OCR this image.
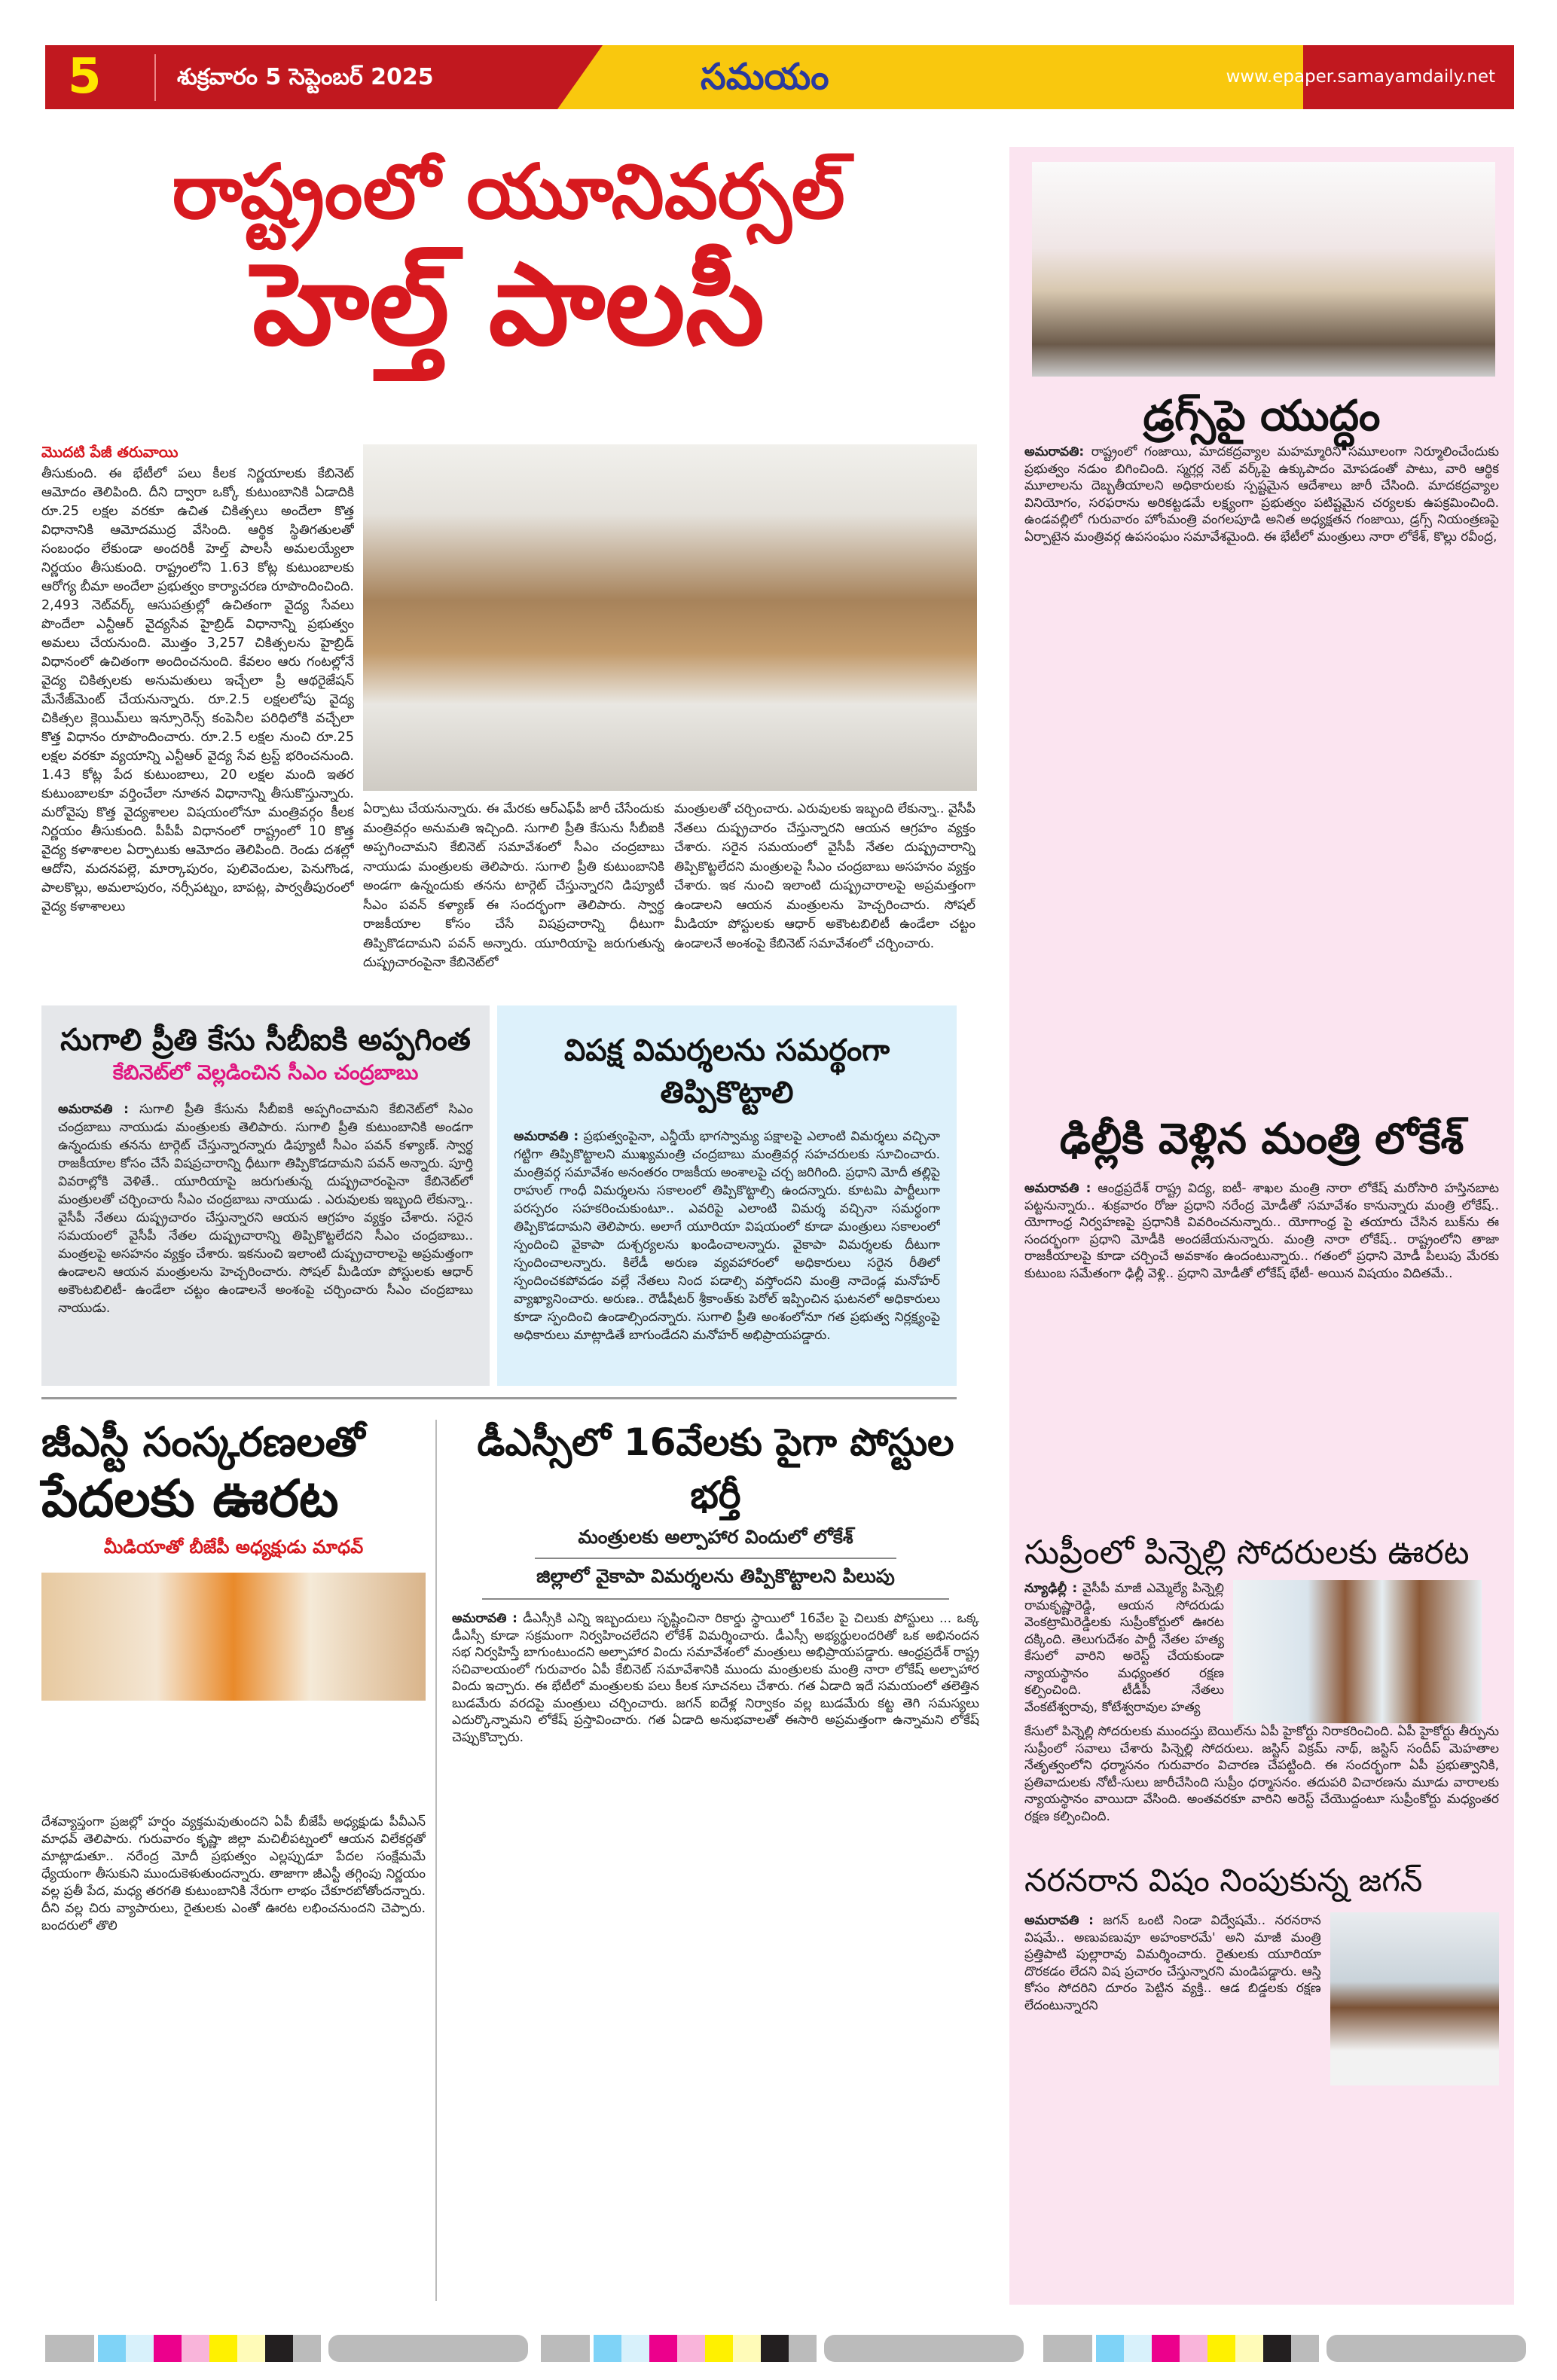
5	శుక్రవారం 5 సెప్టెంబర్ 2025	సమయం	www.epaper.samayamdaily.net
రాష్ట్రంలో యూనివర్సల్
హెల్త్ పాలసీ
మొదటి పేజీ తరువాయి
తీసుకుంది. ఈ భేటీలో పలు కీలక నిర్ణయాలకు కేబినెట్ ఆమోదం తెలిపింది. దీని ద్వారా ఒక్కో కుటుంబానికి ఏడాదికి రూ.25 లక్షల వరకూ ఉచిత చికిత్సలు అందేలా కొత్త విధానానికి ఆమోదముద్ర వేసింది. ఆర్థిక స్థితిగతులతో సంబంధం లేకుండా అందరికీ హెల్త్ పాలసీ అమలయ్యేలా నిర్ణయం తీసుకుంది. రాష్ట్రంలోని 1.63 కోట్ల కుటుంబాలకు ఆరోగ్య బీమా అందేలా ప్రభుత్వం కార్యాచరణ రూపొందించింది. 2,493 నెట్‌వర్క్ ఆసుపత్రుల్లో ఉచితంగా వైద్య సేవలు పొందేలా ఎన్టీఆర్ వైద్యసేవ హైబ్రిడ్ విధానాన్ని ప్రభుత్వం అమలు చేయనుంది. మొత్తం 3,257 చికిత్సలను హైబ్రిడ్ విధానంలో ఉచితంగా అందించనుంది. కేవలం ఆరు గంటల్లోనే వైద్య చికిత్సలకు అనుమతులు ఇచ్చేలా ప్రీ ఆథరైజేషన్ మేనేజ్‌మెంట్ చేయనున్నారు. రూ.2.5 లక్షలలోపు వైద్య చికిత్సల క్లెయిమ్‌లు ఇన్సూరెన్స్ కంపెనీల పరిధిలోకి వచ్చేలా కొత్త విధానం రూపొందించారు. రూ.2.5 లక్షల నుంచి రూ.25 లక్షల వరకూ వ్యయాన్ని ఎన్టీఆర్ వైద్య సేవ ట్రస్ట్ భరించనుంది. 1.43 కోట్ల పేద కుటుంబాలు, 20 లక్షల మంది ఇతర కుటుంబాలకూ వర్తించేలా నూతన విధానాన్ని తీసుకొస్తున్నారు. మరోవైపు కొత్త వైద్యశాలల విషయంలోనూ మంత్రివర్గం కీలక నిర్ణయం తీసుకుంది. పీపీపీ విధానంలో రాష్ట్రంలో 10 కొత్త వైద్య కళాశాలల ఏర్పాటుకు ఆమోదం తెలిపింది. రెండు దశల్లో ఆదోని, మదనపల్లె, మార్కాపురం, పులివెందుల, పెనుగొండ, పాలకొల్లు, అమలాపురం, నర్సీపట్నం, బాపట్ల, పార్వతీపురంలో వైద్య కళాశాలలు
ఏర్పాటు చేయనున్నారు. ఈ మేరకు ఆర్‌ఎఫ్‌పీ జారీ చేసేందుకు మంత్రివర్గం అనుమతి ఇచ్చింది. సుగాలి ప్రీతి కేసును సీబీఐకి అప్పగించామని కేబినెట్ సమావేశంలో సీఎం చంద్రబాబు నాయుడు మంత్రులకు తెలిపారు. సుగాలి ప్రీతి కుటుంబానికి అండగా ఉన్నందుకు తనను టార్గెట్ చేస్తున్నారని డిప్యూటీ సీఎం పవన్ కళ్యాణ్ ఈ సందర్భంగా తెలిపారు. స్వార్థ రాజకీయాల కోసం చేసే విషప్రచారాన్ని ధీటుగా తిప్పికొడదామని పవన్ అన్నారు. యూరియాపై జరుగుతున్న దుష్ప్రచారంపైనా కేబినెట్‌లో
మంత్రులతో చర్చించారు. ఎరువులకు ఇబ్బంది లేకున్నా.. వైసీపీ నేతలు దుష్ప్రచారం చేస్తున్నారని ఆయన ఆగ్రహం వ్యక్తం చేశారు. సరైన సమయంలో వైసీపీ నేతల దుష్ప్రచారాన్ని తిప్పికొట్టలేదని మంత్రులపై సీఎం చంద్రబాబు అసహనం వ్యక్తం చేశారు. ఇక నుంచి ఇలాంటి దుష్ప్రచారాలపై అప్రమత్తంగా ఉండాలని ఆయన మంత్రులను హెచ్చరించారు. సోషల్ మీడియా పోస్టులకు ఆధార్ అకౌంటబిలిటీ ఉండేలా చట్టం ఉండాలనే అంశంపై కేబినెట్ సమావేశంలో చర్చించారు.
సుగాలి ప్రీతి కేసు సీబీఐకి అప్పగింత
కేబినెట్‌లో వెల్లడించిన సీఎం చంద్రబాబు
అమరావతి : సుగాలి ప్రీతి కేసును సీబీఐకి అప్పగించామని కేబినెట్‌లో సిఎం చంద్రబాబు నాయుడు మంత్రులకు తెలిపారు. సుగాలి ప్రీతి కుటుంబానికి అండగా ఉన్నందుకు తనను టార్గెట్ చేస్తున్నారన్నారు డిప్యూటీ సీఎం పవన్ కళ్యాణ్. స్వార్థ రాజకీయాల కోసం చేసే విషప్రచారాన్ని ధీటుగా తిప్పికొడదామని పవన్ అన్నారు. పూర్తి వివరాల్లోకి వెళితే.. యూరియాపై జరుగుతున్న దుష్ప్రచారంపైనా కేబినెట్‌లో మంత్రులతో చర్చించారు సీఎం చంద్రబాబు నాయుడు . ఎరువులకు ఇబ్బంది లేకున్నా.. వైసీపీ నేతలు దుష్ప్రచారం చేస్తున్నారని ఆయన ఆగ్రహం వ్యక్తం చేశారు. సరైన సమయంలో వైసీపీ నేతల దుష్ప్రచారాన్ని తిప్పికొట్టలేదని సీఎం చంద్రబాబు.. మంత్రలపై అసహనం వ్యక్తం చేశారు. ఇకనుంచి ఇలాంటి దుష్ప్రచారాలపై అప్రమత్తంగా ఉండాలని ఆయన మంత్రులను హెచ్చరించారు. సోషల్ మీడియా పోస్టులకు ఆధార్ అకౌంటబిలిటీ- ఉండేలా చట్టం ఉండాలనే అంశంపై చర్చించారు సీఎం చంద్రబాబు నాయుడు.
విపక్ష విమర్శలను సమర్థంగా తిప్పికొట్టాలి
అమరావతి : ప్రభుత్వంపైనా, ఎన్డీయే భాగస్వామ్య పక్షాలపై ఎలాంటి విమర్శలు వచ్చినా గట్టిగా తిప్పికొట్టాలని ముఖ్యమంత్రి చంద్రబాబు మంత్రివర్గ సహచరులకు సూచించారు. మంత్రివర్గ సమావేశం అనంతరం రాజకీయ అంశాలపై చర్చ జరిగింది. ప్రధాని మోదీ తల్లిపై రాహుల్ గాంధీ విమర్శలను సకాలంలో తిప్పికొట్టాల్సి ఉందన్నారు. కూటమి పార్టీలుగా పరస్పరం సహకరించుకుంటూ.. ఎవరిపై ఎలాంటి విమర్శ వచ్చినా సమర్థంగా తిప్పికొడదామని తెలిపారు. అలాగే యూరియా విషయంలో కూడా మంత్రులు సకాలంలో స్పందించి వైకాపా దుశ్చర్యలను ఖండించాలన్నారు. వైకాపా విమర్శలకు దీటుగా స్పందించాలన్నారు. కిలేడీ అరుణ వ్యవహారంలో అధికారులు సరైన రీతిలో స్పందించకపోవడం వల్లే నేతలు నింద పడాల్సి వస్తోందని మంత్రి నాదెండ్ల మనోహర్ వ్యాఖ్యానించారు. అరుణ.. రౌడీషీటర్ శ్రీకాంత్‌కు పెరోల్ ఇప్పించిన ఘటనలో అధికారులు కూడా స్పందించి ఉండాల్సిందన్నారు. సుగాలి ప్రీతి అంశంలోనూ గత ప్రభుత్వ నిర్లక్ష్యంపై అధికారులు మాట్లాడితే బాగుండేదని మనోహర్ అభిప్రాయపడ్డారు.
జీఎస్టీ సంస్కరణలతో
పేదలకు ఊరట
మీడియాతో బీజేపీ అధ్యక్షుడు మాధవ్
దేశవ్యాప్తంగా ప్రజల్లో హర్షం వ్యక్తమవుతుందని ఏపీ బీజేపీ అధ్యక్షుడు పీవీఎన్ మాధవ్ తెలిపారు. గురువారం కృష్ణా జిల్లా మచిలీపట్నంలో ఆయన విలేకర్లతో మాట్లాడుతూ.. నరేంద్ర మోదీ ప్రభుత్వం ఎల్లప్పుడూ పేదల సంక్షేమమే ధ్యేయంగా తీసుకుని ముందుకెళుతుందన్నారు. తాజాగా జీఎస్టీ తగ్గింపు నిర్ణయం వల్ల ప్రతీ పేద, మధ్య తరగతి కుటుంబానికి నేరుగా లాభం చేకూరబోతోందన్నారు. దీని వల్ల చిరు వ్యాపారులు, రైతులకు ఎంతో ఊరట లభించనుందని చెప్పారు. బందరులో తొలి
డీఎస్సీలో 16వేలకు పైగా పోస్టుల భర్తీ
మంత్రులకు అల్పాహార విందులో లోకేశ్
జిల్లాలో వైకాపా విమర్శలను తిప్పికొట్టాలని పిలుపు
అమరావతి : డీఎస్సీకి ఎన్ని ఇబ్బందులు సృష్టించినా రికార్డు స్థాయిలో 16వేల పై చిలుకు పోస్టులు ... ఒక్క డీఎస్సీ కూడా సక్రమంగా నిర్వహించలేదని లోకేశ్ విమర్శించారు. డీఎస్సీ అభ్యర్థులందరితో ఒక అభినందన సభ నిర్వహిస్తే బాగుంటుందని అల్పాహార విందు సమావేశంలో మంత్రులు అభిప్రాయపడ్డారు. ఆంధ్రప్రదేశ్ రాష్ట్ర సచివాలయంలో గురువారం ఏపీ కేబినెట్ సమావేశానికి ముందు మంత్రులకు మంత్రి నారా లోకేష్ అల్పాహార విందు ఇచ్చారు. ఈ భేటీలో మంత్రులకు పలు కీలక సూచనలు చేశారు. గత ఏడాది ఇదే సమయంలో తలెత్తిన బుడమేరు వరదపై మంత్రులు చర్చించారు. జగన్ ఐదేళ్ల నిర్వాకం వల్ల బుడమేరు కట్ట తెగి సమస్యలు ఎదుర్కొన్నామని లోకేష్ ప్రస్తావించారు. గత ఏడాది అనుభవాలతో ఈసారి అప్రమత్తంగా ఉన్నామని లోకేష్ చెప్పుకొచ్చారు.
డ్రగ్స్‌పై యుద్ధం
అమరావతి: రాష్ట్రంలో గంజాయి, మాదకద్రవ్యాల మహమ్మారిని సమూలంగా నిర్మూలించేందుకు ప్రభుత్వం నడుం బిగించింది. స్మగ్లర్ల నెట్ వర్క్‌పై ఉక్కుపాదం మోపడంతో పాటు, వారి ఆర్థిక మూలాలను దెబ్బతీయాలని అధికారులకు స్పష్టమైన ఆదేశాలు జారీ చేసింది. మాదకద్రవ్యాల వినియోగం, సరఫరాను అరికట్టడమే లక్ష్యంగా ప్రభుత్వం పటిష్టమైన చర్యలకు ఉపక్రమించింది. ఉండవల్లిలో గురువారం హోంమంత్రి వంగలపూడి అనిత అధ్యక్షతన గంజాయి, డ్రగ్స్ నియంత్రణపై ఏర్పాటైన మంత్రివర్గ ఉపసంఘం సమావేశమైంది. ఈ భేటీలో మంత్రులు నారా లోకేశ్, కొల్లు రవీంద్ర,
ఢిల్లీకి వెళ్లిన మంత్రి లోకేశ్
అమరావతి : ఆంధ్రప్రదేశ్ రాష్ట్ర విద్య, ఐటీ- శాఖల మంత్రి నారా లోకేష్ మరోసారి హస్తినబాట పట్టనున్నారు.. శుక్రవారం రోజు ప్రధాని నరేంద్ర మోడీతో సమావేశం కానున్నారు మంత్రి లోకేష్.. యోగాంధ్ర నిర్వహణపై ప్రధానికి వివరించనున్నారు.. యోగాంధ్ర పై తయారు చేసిన బుక్‌ను ఈ సందర్భంగా ప్రధాని మోడీకి అందజేయనున్నారు. మంత్రి నారా లోకేష్.. రాష్ట్రంలోని తాజా రాజకీయాలపై కూడా చర్చించే అవకాశం ఉందంటున్నారు.. గతంలో ప్రధాని మోడీ పిలుపు మేరకు కుటుంబ సమేతంగా ఢిల్లీ వెళ్లి.. ప్రధాని మోడీతో లోకేష్ భేటీ- అయిన విషయం విదితమే..
సుప్రీంలో పిన్నెల్లి సోదరులకు ఊరట
న్యూఢిల్లీ : వైసీపీ మాజీ ఎమ్మెల్యే పిన్నెల్లి రామకృష్ణారెడ్డి, ఆయన సోదరుడు వెంకట్రామిరెడ్డిలకు సుప్రీంకోర్టులో ఊరట దక్కింది. తెలుగుదేశం పార్టీ నేతల హత్య కేసులో వారిని అరెస్ట్ చేయకుండా న్యాయస్థానం మధ్యంతర రక్షణ కల్పించింది. టీడీపీ నేతలు వేంకటేశ్వరావు, కోటేశ్వరావుల హత్య
కేసులో పిన్నెల్లి సోదరులకు ముందస్తు బెయిల్‌ను ఏపీ హైకోర్టు నిరాకరించింది. ఏపీ హైకోర్టు తీర్పును సుప్రీంలో సవాలు చేశారు పిన్నెల్లి సోదరులు. జస్టిస్ విక్రమ్ నాథ్, జస్టిస్ సందీప్ మెహతాల నేతృత్వంలోని ధర్మాసనం గురువారం విచారణ చేపట్టింది. ఈ సందర్భంగా ఏపీ ప్రభుత్వానికి, ప్రతివాదులకు నోటీ-సులు జారీచేసింది సుప్రీం ధర్మాసనం. తదుపరి విచారణను మూడు వారాలకు న్యాయస్థానం వాయిదా వేసింది. అంతవరకూ వారిని అరెస్ట్ చేయొద్దంటూ సుప్రీంకోర్టు మధ్యంతర రక్షణ కల్పించింది.
నరనరాన విషం నింపుకున్న జగన్
అమరావతి : జగన్ ఒంటి నిండా విద్వేషమే.. నరనరాన విషమే.. అణువణువూ అహంకారమే' అని మాజీ మంత్రి ప్రత్తిపాటి పుల్లారావు విమర్శించారు. రైతులకు యూరియా దొరకడం లేదని విష ప్రచారం చేస్తున్నారని మండిపడ్డారు. ఆస్తి కోసం సోదరిని దూరం పెట్టిన వ్యక్తి.. ఆడ బిడ్డలకు రక్షణ లేదంటున్నారని
